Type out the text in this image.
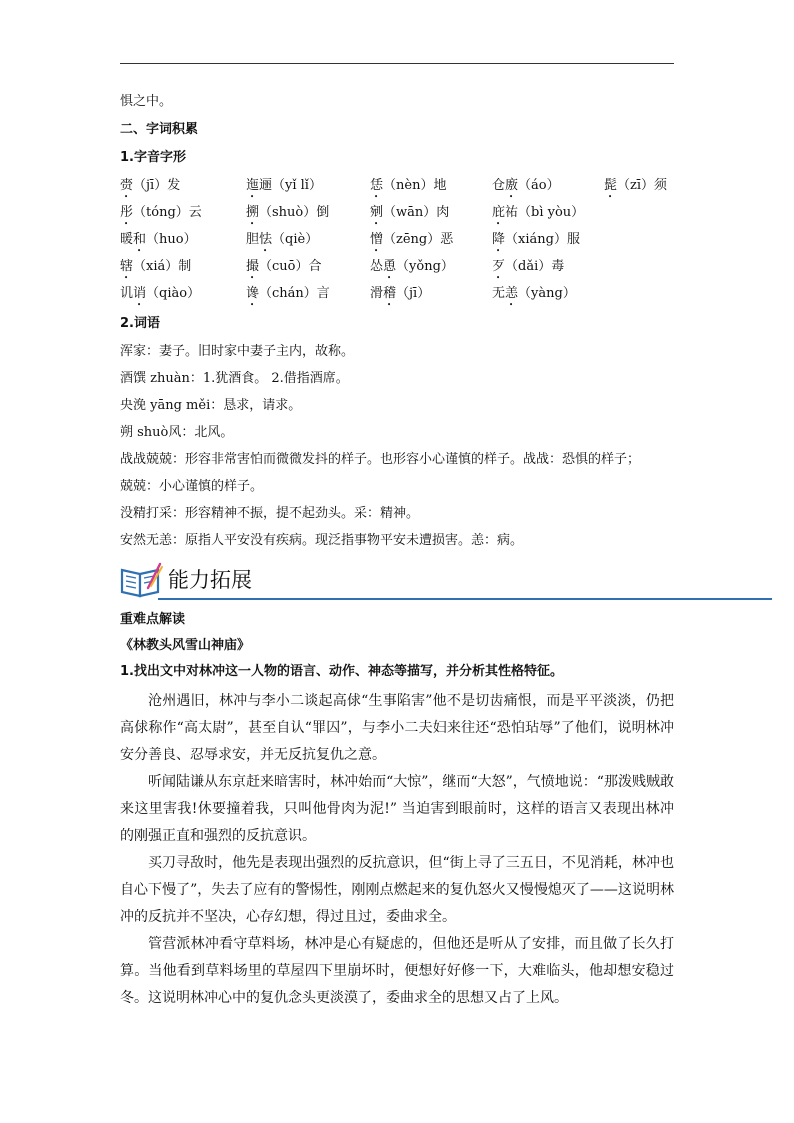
惧之中。
二、字词积累
1.字音字形
赍（jī）发	迤逦（yǐ lǐ）	恁（nèn）地	仓廒（áo）	髭（zī）须
彤（tóng）云	搠（shuò）倒	剜（wān）肉	庇祐（bì yòu）
暖和（huo）	胆怯（qiè）	憎（zēng）恶	降（xiáng）服
辖（xiá）制	撮（cuō）合	怂恿（yǒng）	歹（dǎi）毒
讥诮（qiào）	谗（chán）言	滑稽（jī）	无恙（yàng）
2.词语
浑家：妻子。旧时家中妻子主内，故称。
酒馔 zhuàn：1.犹酒食。 2.借指酒席。
央浼 yāng měi：恳求，请求。
朔 shuò风：北风。
战战兢兢：形容非常害怕而微微发抖的样子。也形容小心谨慎的样子。战战：恐惧的样子；
兢兢：小心谨慎的样子。
没精打采：形容精神不振，提不起劲头。采：精神。
安然无恙：原指人平安没有疾病。现泛指事物平安未遭损害。恙：病。
能力拓展
重难点解读
《林教头风雪山神庙》
1.找出文中对林冲这一人物的语言、动作、神态等描写，并分析其性格特征。
沧州遇旧，林冲与李小二谈起高俅“生事陷害”他不是切齿痛恨，而是平平淡淡，仍把高俅称作“高太尉”，甚至自认“罪囚”，与李小二夫妇来往还“恐怕玷辱”了他们，说明林冲安分善良、忍辱求安，并无反抗复仇之意。
听闻陆谦从东京赶来暗害时，林冲始而“大惊”，继而“大怒”，气愤地说：“那泼贱贼敢来这里害我!休要撞着我，只叫他骨肉为泥!” 当迫害到眼前时，这样的语言又表现出林冲的刚强正直和强烈的反抗意识。
买刀寻敌时，他先是表现出强烈的反抗意识，但“街上寻了三五日，不见消耗，林冲也自心下慢了”，失去了应有的警惕性，刚刚点燃起来的复仇怒火又慢慢熄灭了——这说明林冲的反抗并不坚决，心存幻想，得过且过，委曲求全。
管营派林冲看守草料场，林冲是心有疑虑的，但他还是听从了安排，而且做了长久打算。当他看到草料场里的草屋四下里崩坏时，便想好好修一下，大难临头，他却想安稳过冬。这说明林冲心中的复仇念头更淡漠了，委曲求全的思想又占了上风。
